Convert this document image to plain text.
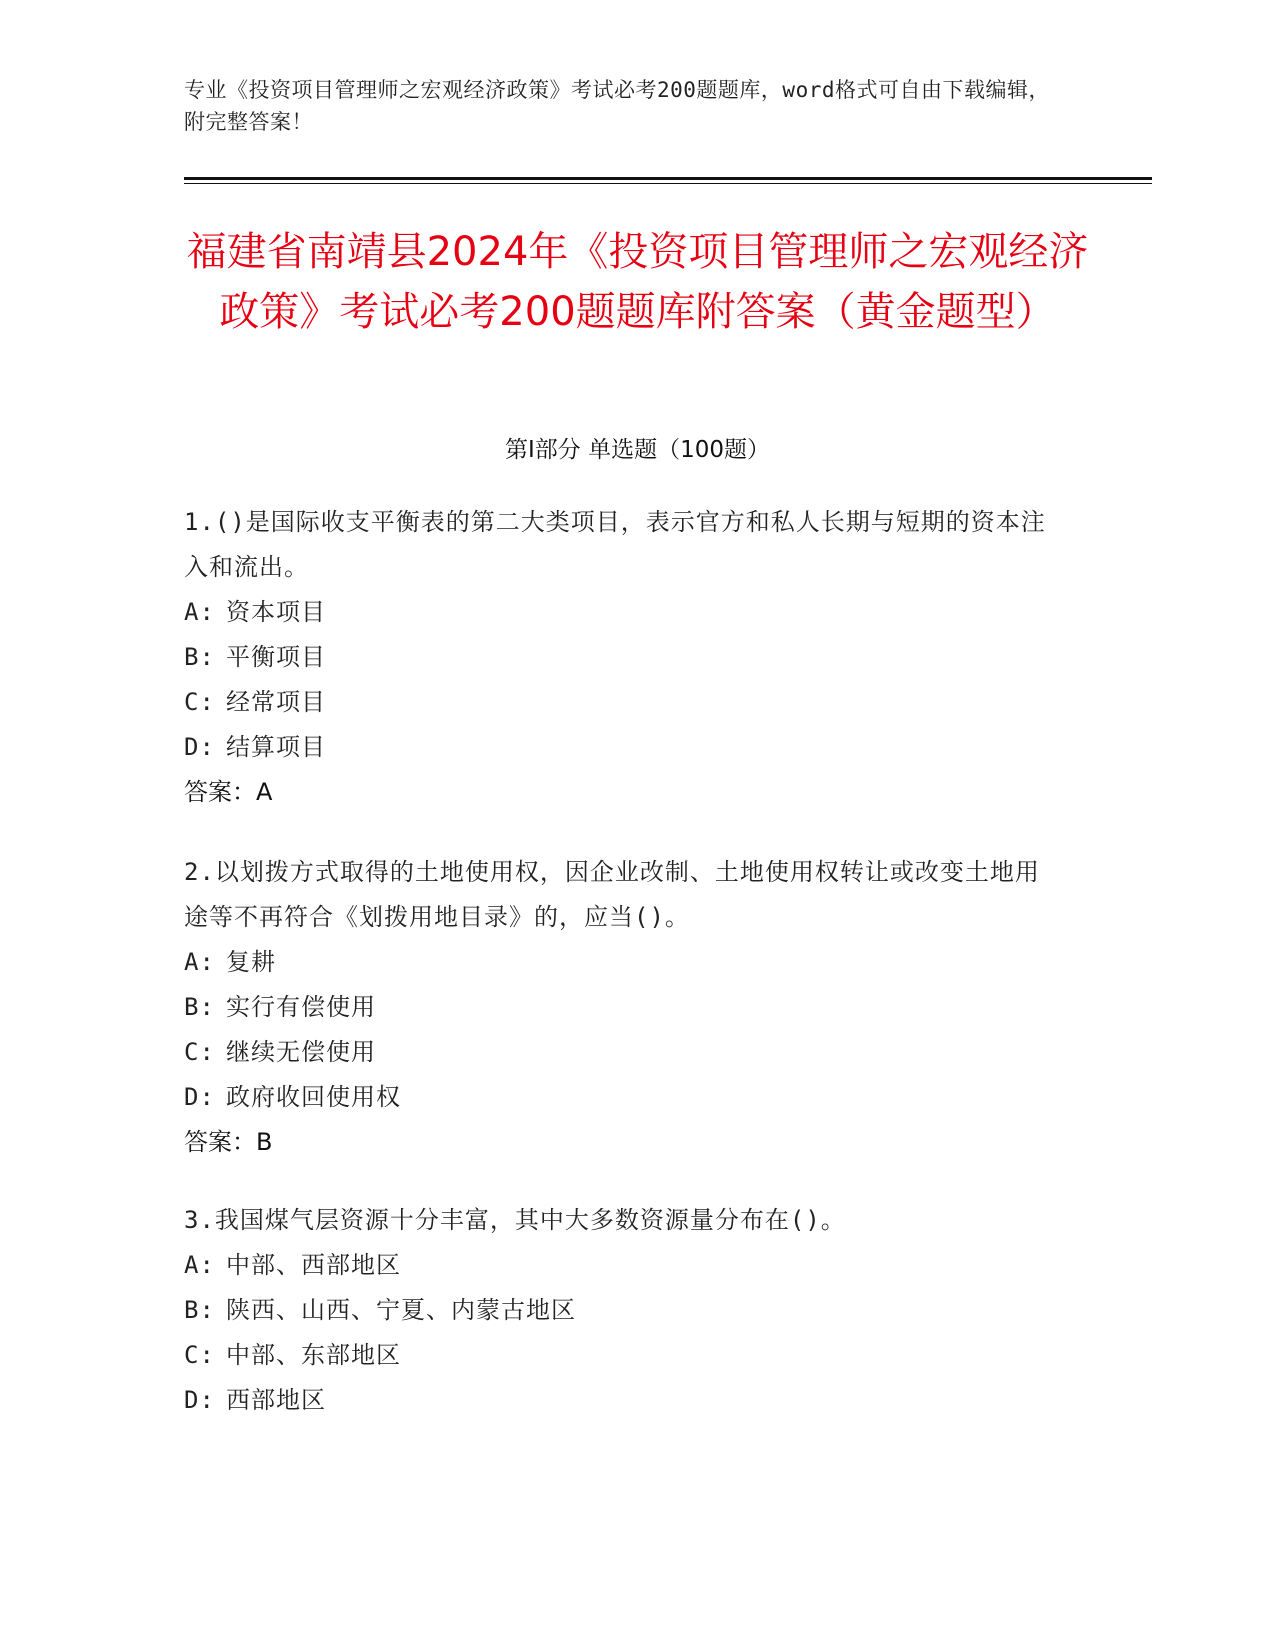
专业《投资项目管理师之宏观经济政策》考试必考200题题库，word格式可自由下载编辑，附完整答案！
福建省南靖县2024年《投资项目管理师之宏观经济政策》考试必考200题题库附答案（黄金题型）
第Ⅰ部分 单选题（100题）
1.()是国际收支平衡表的第二大类项目，表示官方和私人长期与短期的资本注入和流出。
A: 资本项目
B: 平衡项目
C: 经常项目
D: 结算项目
答案：A
2.以划拨方式取得的土地使用权，因企业改制、土地使用权转让或改变土地用途等不再符合《划拨用地目录》的，应当()。
A: 复耕
B: 实行有偿使用
C: 继续无偿使用
D: 政府收回使用权
答案：B
3.我国煤气层资源十分丰富，其中大多数资源量分布在()。
A: 中部、西部地区
B: 陕西、山西、宁夏、内蒙古地区
C: 中部、东部地区
D: 西部地区
